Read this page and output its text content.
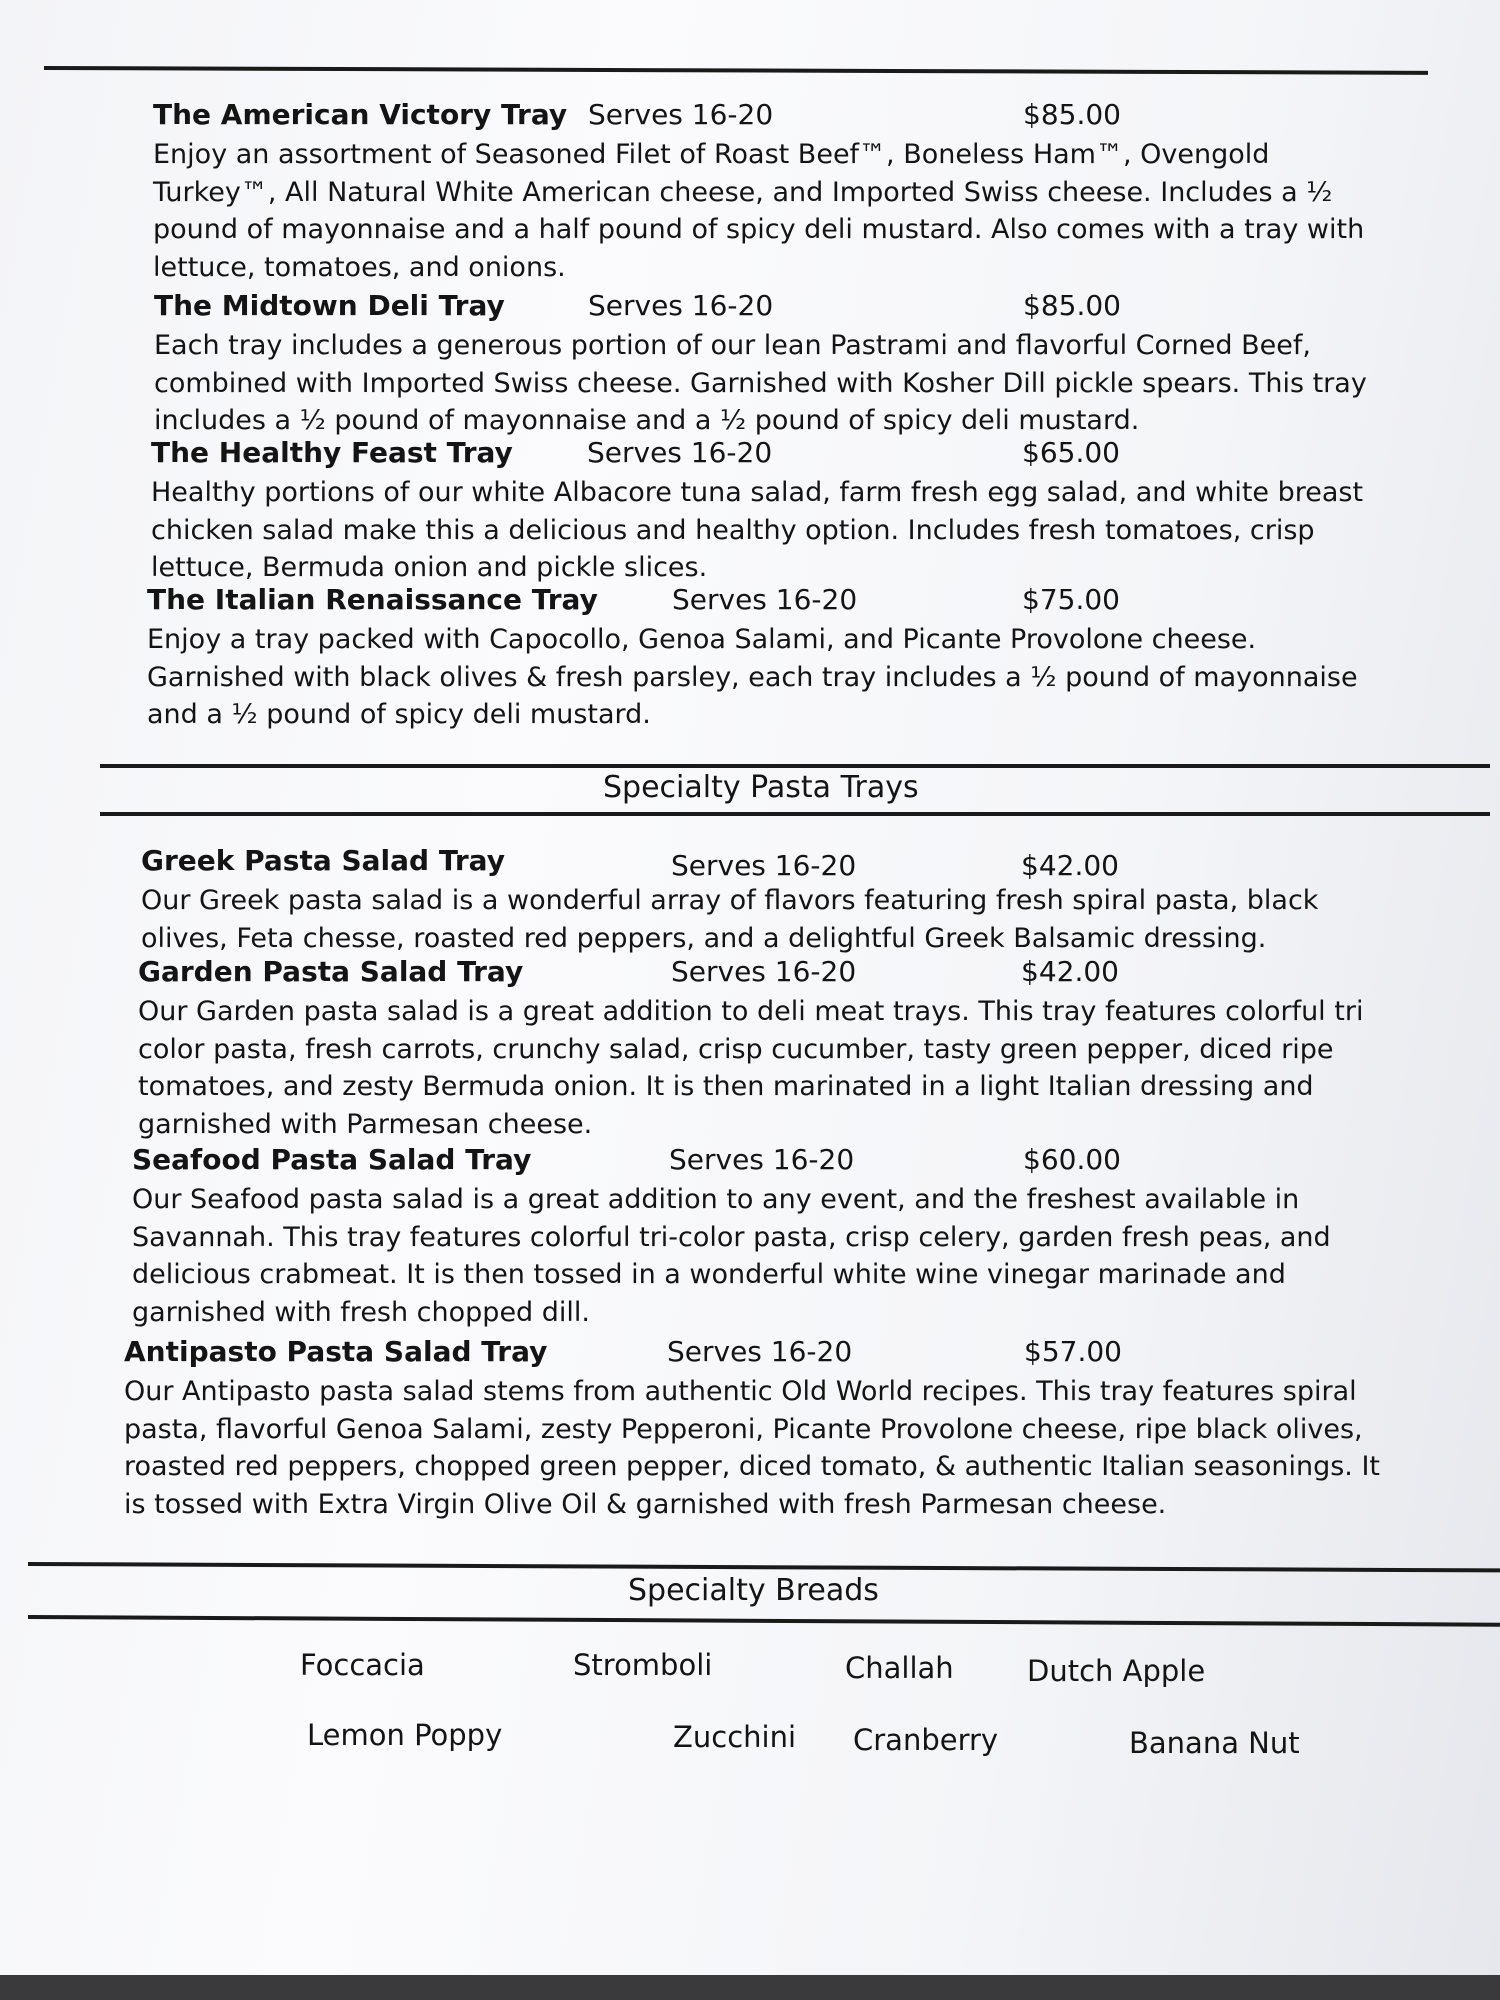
The American Victory Tray Serves 16-20	$85.00

Enjoy an assortment of Seasoned Filet of Roast Beef™, Boneless Ham™, Ovengold Turkey™, All Natural White American cheese, and Imported Swiss cheese. Includes a ½ pound of mayonnaise and a half pound of spicy deli mustard. Also comes with a tray with lettuce, tomatoes, and onions.

The Midtown Deli Tray	Serves 16-20	$85.00

Each tray includes a generous portion of our lean Pastrami and flavorful Corned Beef, combined with Imported Swiss cheese. Garnished with Kosher Dill pickle spears. This tray includes a ½ pound of mayonnaise and a ½ pound of spicy deli mustard.

The Healthy Feast Tray	Serves 16-20	$65.00

Healthy portions of our white Albacore tuna salad, farm fresh egg salad, and white breast chicken salad make this a delicious and healthy option. Includes fresh tomatoes, crisp lettuce, Bermuda onion and pickle slices.

The Italian Renaissance Tray	Serves 16-20	$75.00

Enjoy a tray packed with Capocollo, Genoa Salami, and Picante Provolone cheese. Garnished with black olives & fresh parsley, each tray includes a ½ pound of mayonnaise and a ½ pound of spicy deli mustard.

Specialty Pasta Trays
Greek Pasta Salad Tray	Serves 16-20	$42.00

Our Greek pasta salad is a wonderful array of flavors featuring fresh spiral pasta, black olives, Feta chesse, roasted red peppers, and a delightful Greek Balsamic dressing.

Garden Pasta Salad Tray	Serves 16-20	$42.00

Our Garden pasta salad is a great addition to deli meat trays. This tray features colorful tri color pasta, fresh carrots, crunchy salad, crisp cucumber, tasty green pepper, diced ripe tomatoes, and zesty Bermuda onion. It is then marinated in a light Italian dressing and garnished with Parmesan cheese.

Seafood Pasta Salad Tray	Serves 16-20	$60.00

Our Seafood pasta salad is a great addition to any event, and the freshest available in Savannah. This tray features colorful tri-color pasta, crisp celery, garden fresh peas, and delicious crabmeat. It is then tossed in a wonderful white wine vinegar marinade and garnished with fresh chopped dill.

Antipasto Pasta Salad Tray	Serves 16-20	$57.00

Our Antipasto pasta salad stems from authentic Old World recipes. This tray features spiral pasta, flavorful Genoa Salami, zesty Pepperoni, Picante Provolone cheese, ripe black olives, roasted red peppers, chopped green pepper, diced tomato, & authentic Italian seasonings. It is tossed with Extra Virgin Olive Oil & garnished with fresh Parmesan cheese.

Specialty Breads
Foccacia	Stromboli	Challah	Dutch Apple
Lemon Poppy	Zucchini Cranberry	Banana Nut
